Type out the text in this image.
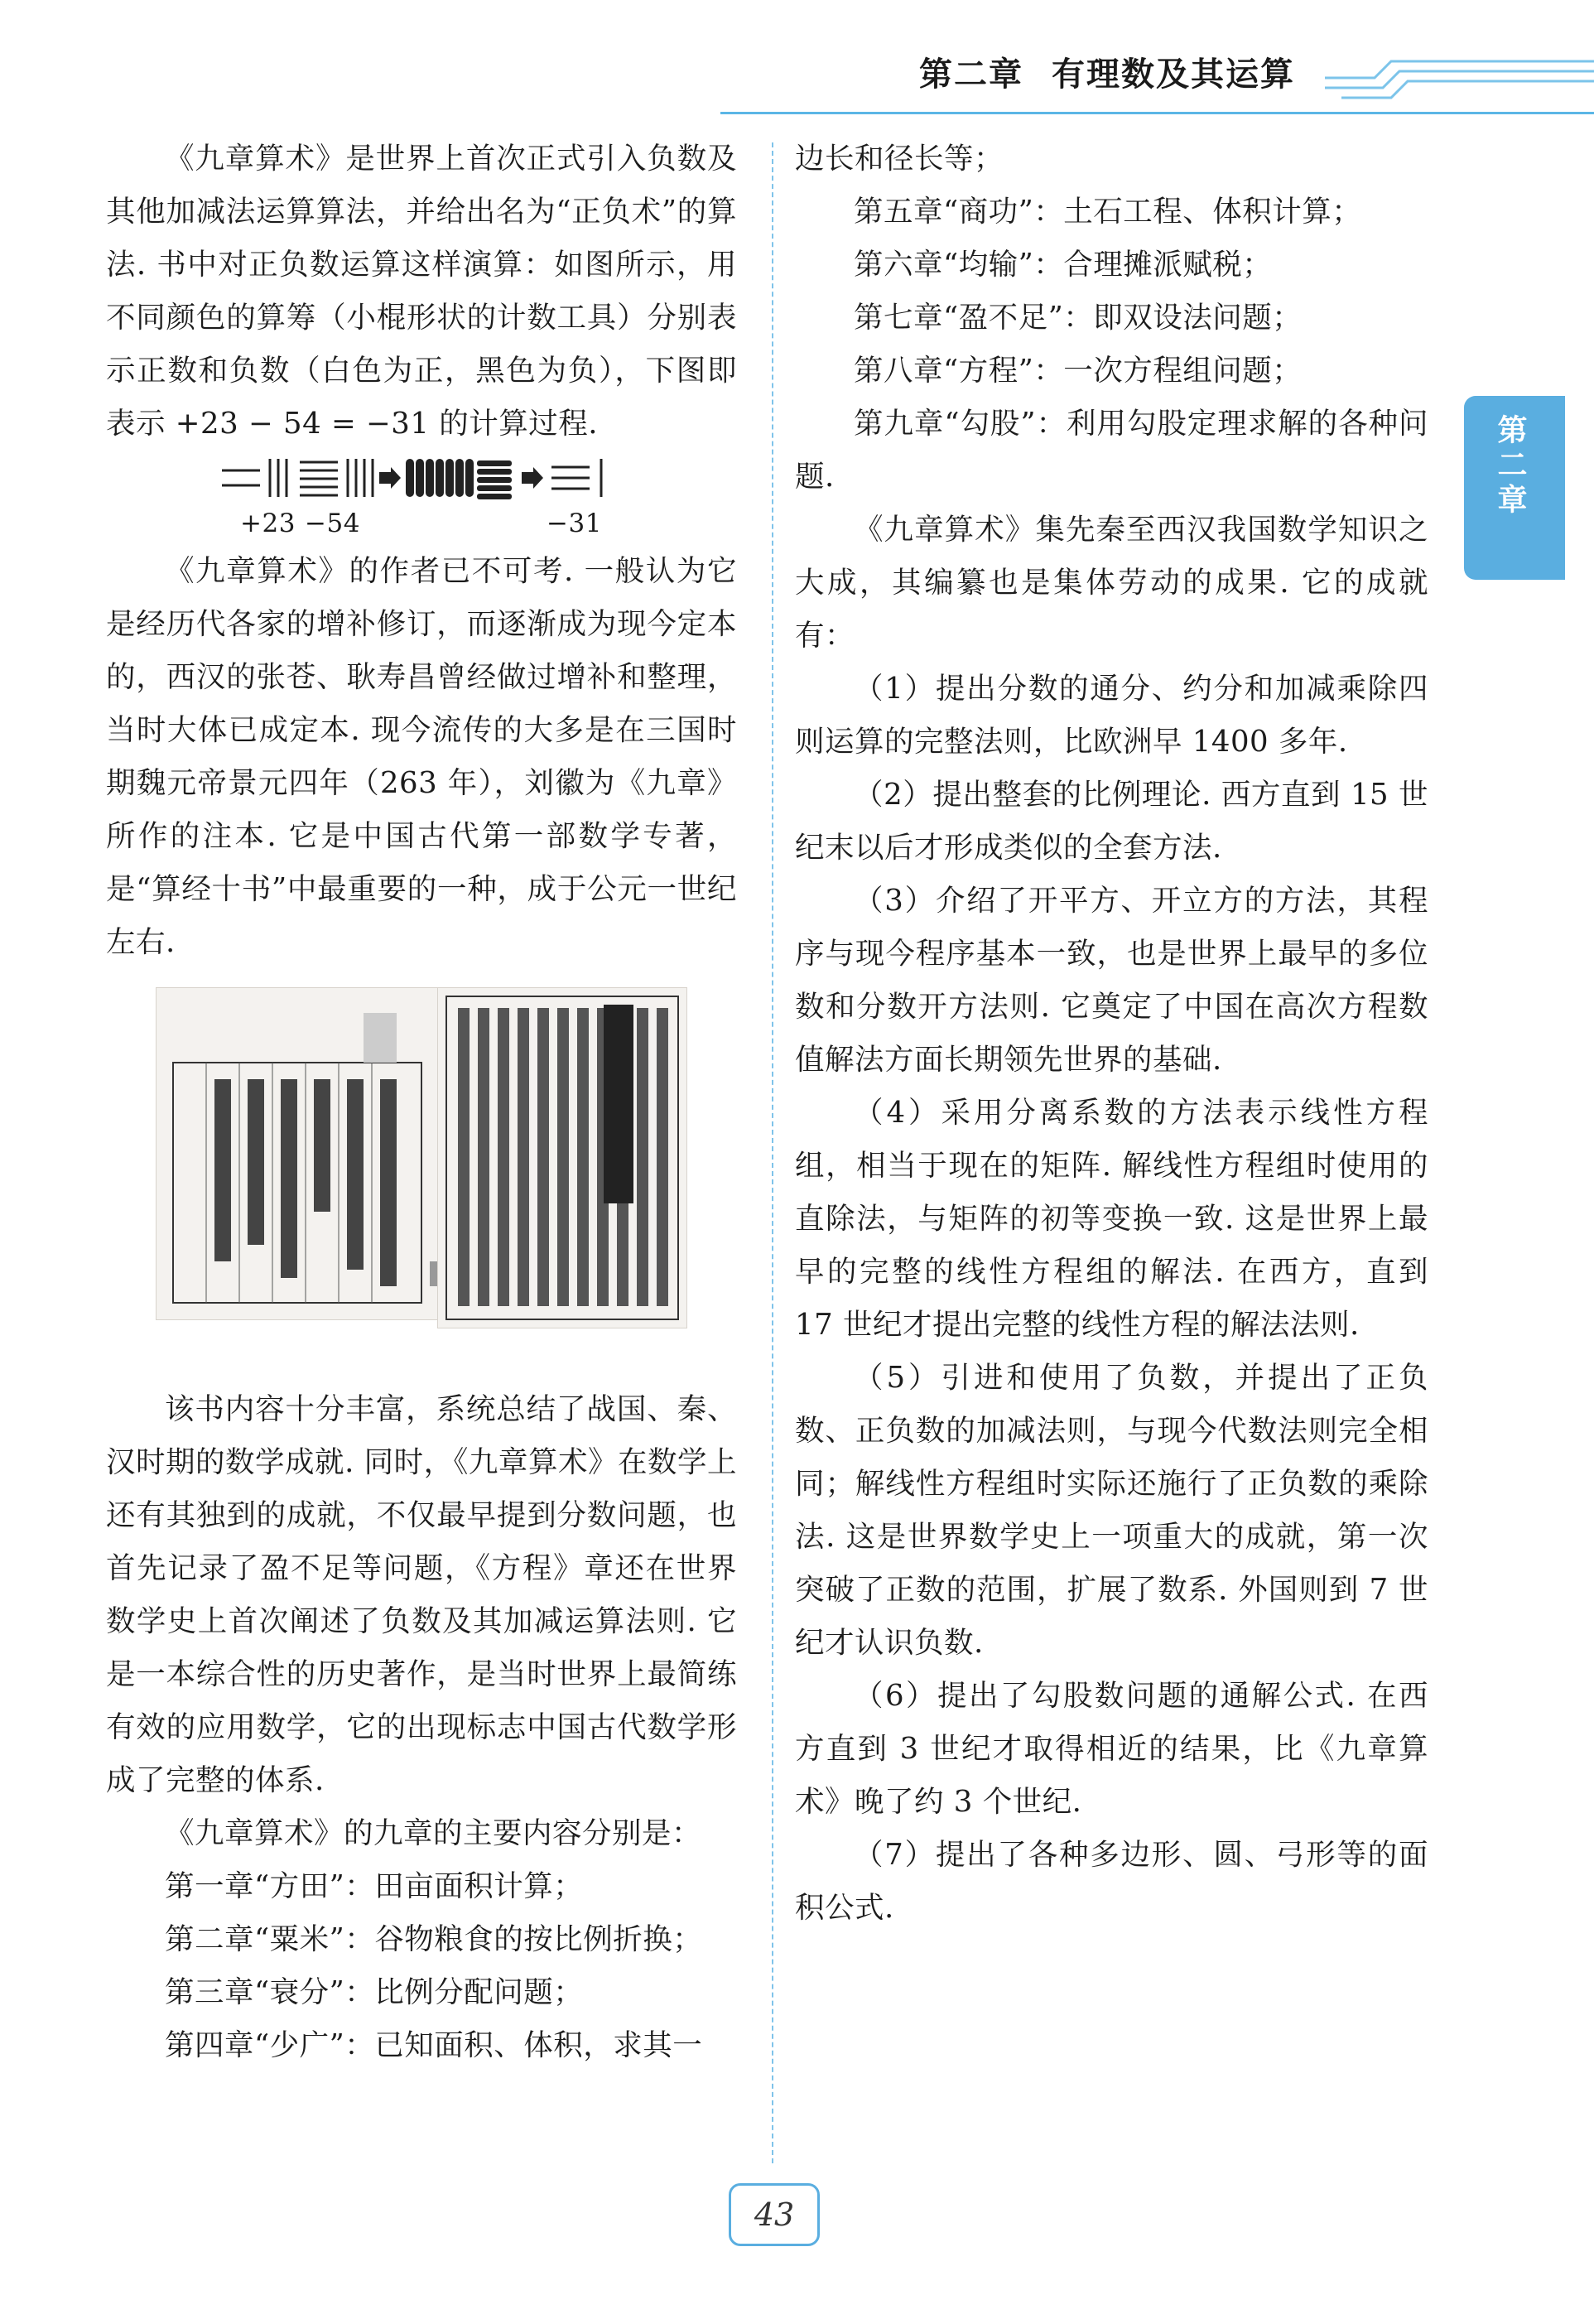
第二章 有理数及其运算
第二章

《九章算术》是世界上首次正式引入负数及其他加减法运算算法，并给出名为“正负术”的算法. 书中对正负数运算这样演算：如图所示，用不同颜色的算筹（小棍形状的计数工具）分别表示正数和负数（白色为正，黑色为负），下图即表示 +23 − 54 = −31 的计算过程.

+23 −54	−31

《九章算术》的作者已不可考. 一般认为它是经历代各家的增补修订，而逐渐成为现今定本的，西汉的张苍、耿寿昌曾经做过增补和整理，当时大体已成定本. 现今流传的大多是在三国时期魏元帝景元四年（263 年），刘徽为《九章》所作的注本. 它是中国古代第一部数学专著，是“算经十书”中最重要的一种，成于公元一世纪左右.

该书内容十分丰富，系统总结了战国、秦、汉时期的数学成就. 同时，《九章算术》在数学上还有其独到的成就，不仅最早提到分数问题，也首先记录了盈不足等问题，《方程》章还在世界数学史上首次阐述了负数及其加减运算法则. 它是一本综合性的历史著作，是当时世界上最简练有效的应用数学，它的出现标志中国古代数学形成了完整的体系.

《九章算术》的九章的主要内容分别是：

第一章“方田”：田亩面积计算；

第二章“粟米”：谷物粮食的按比例折换；

第三章“衰分”：比例分配问题；

第四章“少广”：已知面积、体积，求其一

边长和径长等；

第五章“商功”：土石工程、体积计算；

第六章“均输”：合理摊派赋税；

第七章“盈不足”：即双设法问题；

第八章“方程”：一次方程组问题；

第九章“勾股”：利用勾股定理求解的各种问题.

《九章算术》集先秦至西汉我国数学知识之大成，其编纂也是集体劳动的成果. 它的成就有：

（1）提出分数的通分、约分和加减乘除四则运算的完整法则，比欧洲早 1400 多年.

（2）提出整套的比例理论. 西方直到 15 世纪末以后才形成类似的全套方法.

（3）介绍了开平方、开立方的方法，其程序与现今程序基本一致，也是世界上最早的多位数和分数开方法则. 它奠定了中国在高次方程数值解法方面长期领先世界的基础.

（4）采用分离系数的方法表示线性方程组，相当于现在的矩阵. 解线性方程组时使用的直除法，与矩阵的初等变换一致. 这是世界上最早的完整的线性方程组的解法. 在西方，直到 17 世纪才提出完整的线性方程的解法法则.

（5）引进和使用了负数，并提出了正负数、正负数的加减法则，与现今代数法则完全相同；解线性方程组时实际还施行了正负数的乘除法. 这是世界数学史上一项重大的成就，第一次突破了正数的范围，扩展了数系. 外国则到 7 世纪才认识负数.

（6）提出了勾股数问题的通解公式. 在西方直到 3 世纪才取得相近的结果，比《九章算术》晚了约 3 个世纪.

（7）提出了各种多边形、圆、弓形等的面积公式.

43
